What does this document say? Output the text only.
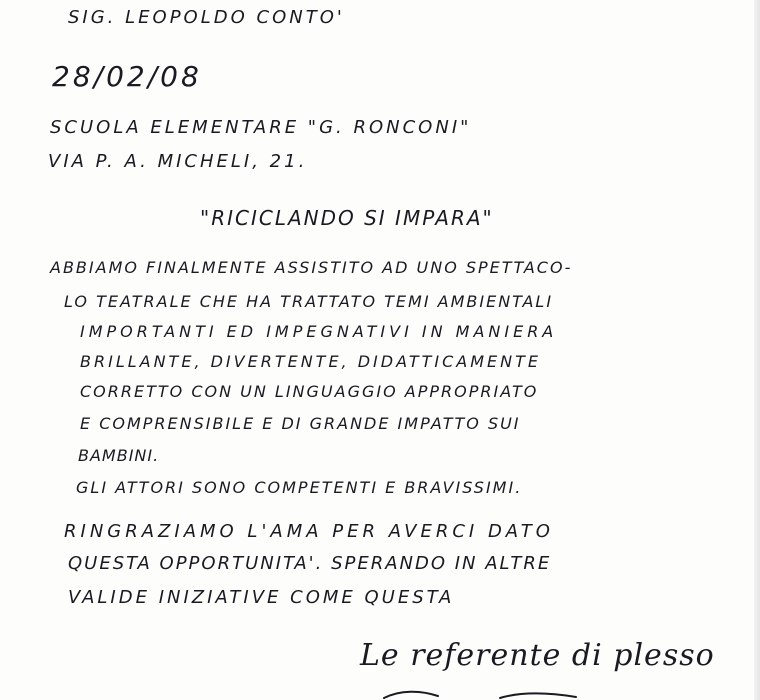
SIG. LEOPOLDO CONTO'
28/02/08
SCUOLA ELEMENTARE "G. RONCONI"
VIA P. A. MICHELI, 21.
"RICICLANDO SI IMPARA"
ABBIAMO FINALMENTE ASSISTITO AD UNO SPETTACO-
LO TEATRALE CHE HA TRATTATO TEMI AMBIENTALI
IMPORTANTI ED IMPEGNATIVI IN MANIERA
BRILLANTE, DIVERTENTE, DIDATTICAMENTE
CORRETTO CON UN LINGUAGGIO APPROPRIATO
E COMPRENSIBILE E DI GRANDE IMPATTO SUI
BAMBINI.
GLI ATTORI SONO COMPETENTI E BRAVISSIMI.
RINGRAZIAMO L'AMA PER AVERCI DATO
QUESTA OPPORTUNITA'. SPERANDO IN ALTRE
VALIDE INIZIATIVE COME QUESTA
Le referente di plesso
